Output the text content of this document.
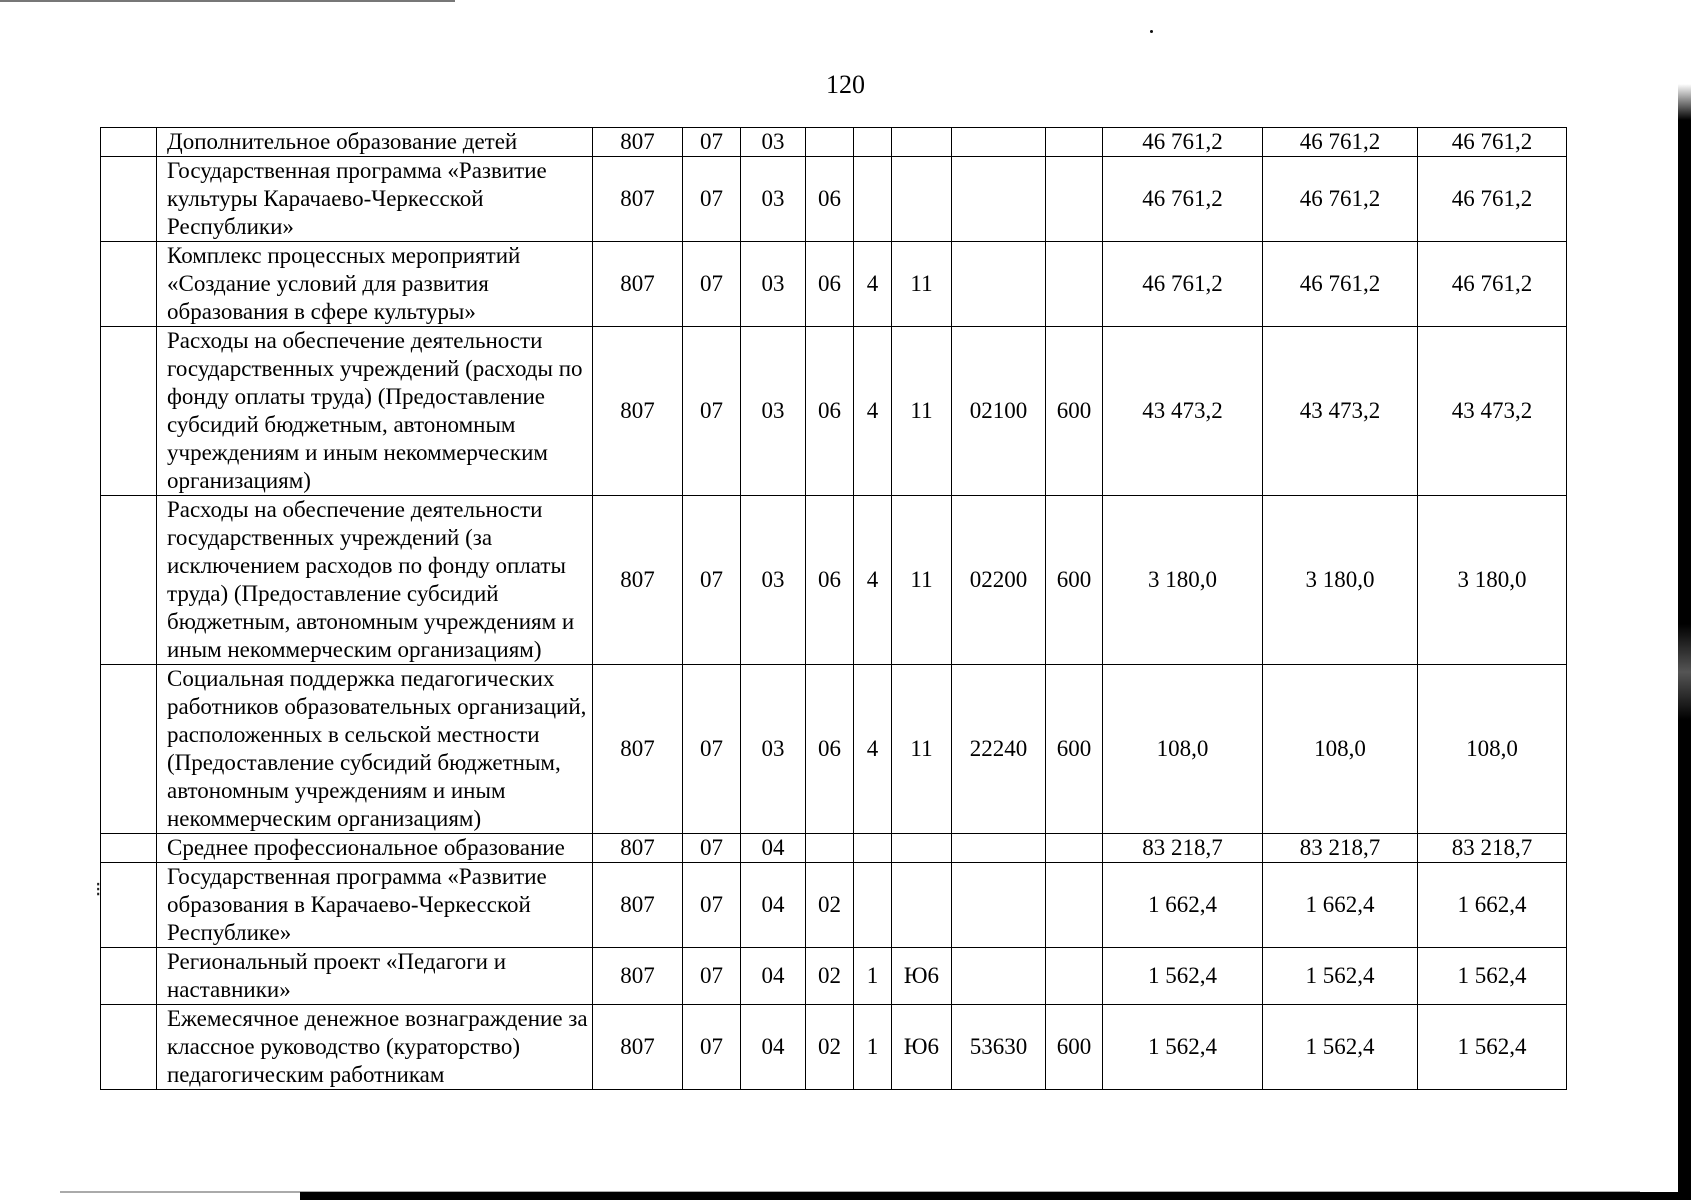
⁝
120
	Дополнительное образование детей	807	07	03						46 761,2	46 761,2	46 761,2
	Государственная программа «Развитие культуры Карачаево-Черкесской Республики»	807	07	03	06					46 761,2	46 761,2	46 761,2
	Комплекс процессных мероприятий «Создание условий для развития образования в сфере культуры»	807	07	03	06	4	11			46 761,2	46 761,2	46 761,2
	Расходы на обеспечение деятельности государственных учреждений (расходы по фонду оплаты труда) (Предоставление субсидий бюджетным, автономным учреждениям и иным некоммерческим организациям)	807	07	03	06	4	11	02100	600	43 473,2	43 473,2	43 473,2
	Расходы на обеспечение деятельности государственных учреждений (за исключением расходов по фонду оплаты труда) (Предоставление субсидий бюджетным, автономным учреждениям и иным некоммерческим организациям)	807	07	03	06	4	11	02200	600	3 180,0	3 180,0	3 180,0
	Социальная поддержка педагогических работников образовательных организаций, расположенных в сельской местности (Предоставление субсидий бюджетным, автономным учреждениям и иным некоммерческим организациям)	807	07	03	06	4	11	22240	600	108,0	108,0	108,0
	Среднее профессиональное образование	807	07	04						83 218,7	83 218,7	83 218,7
	Государственная программа «Развитие образования в Карачаево-Черкесской Республике»	807	07	04	02					1 662,4	1 662,4	1 662,4
	Региональный проект «Педагоги и наставники»	807	07	04	02	1	Ю6			1 562,4	1 562,4	1 562,4
	Ежемесячное денежное вознаграждение за классное руководство (кураторство) педагогическим работникам	807	07	04	02	1	Ю6	53630	600	1 562,4	1 562,4	1 562,4
